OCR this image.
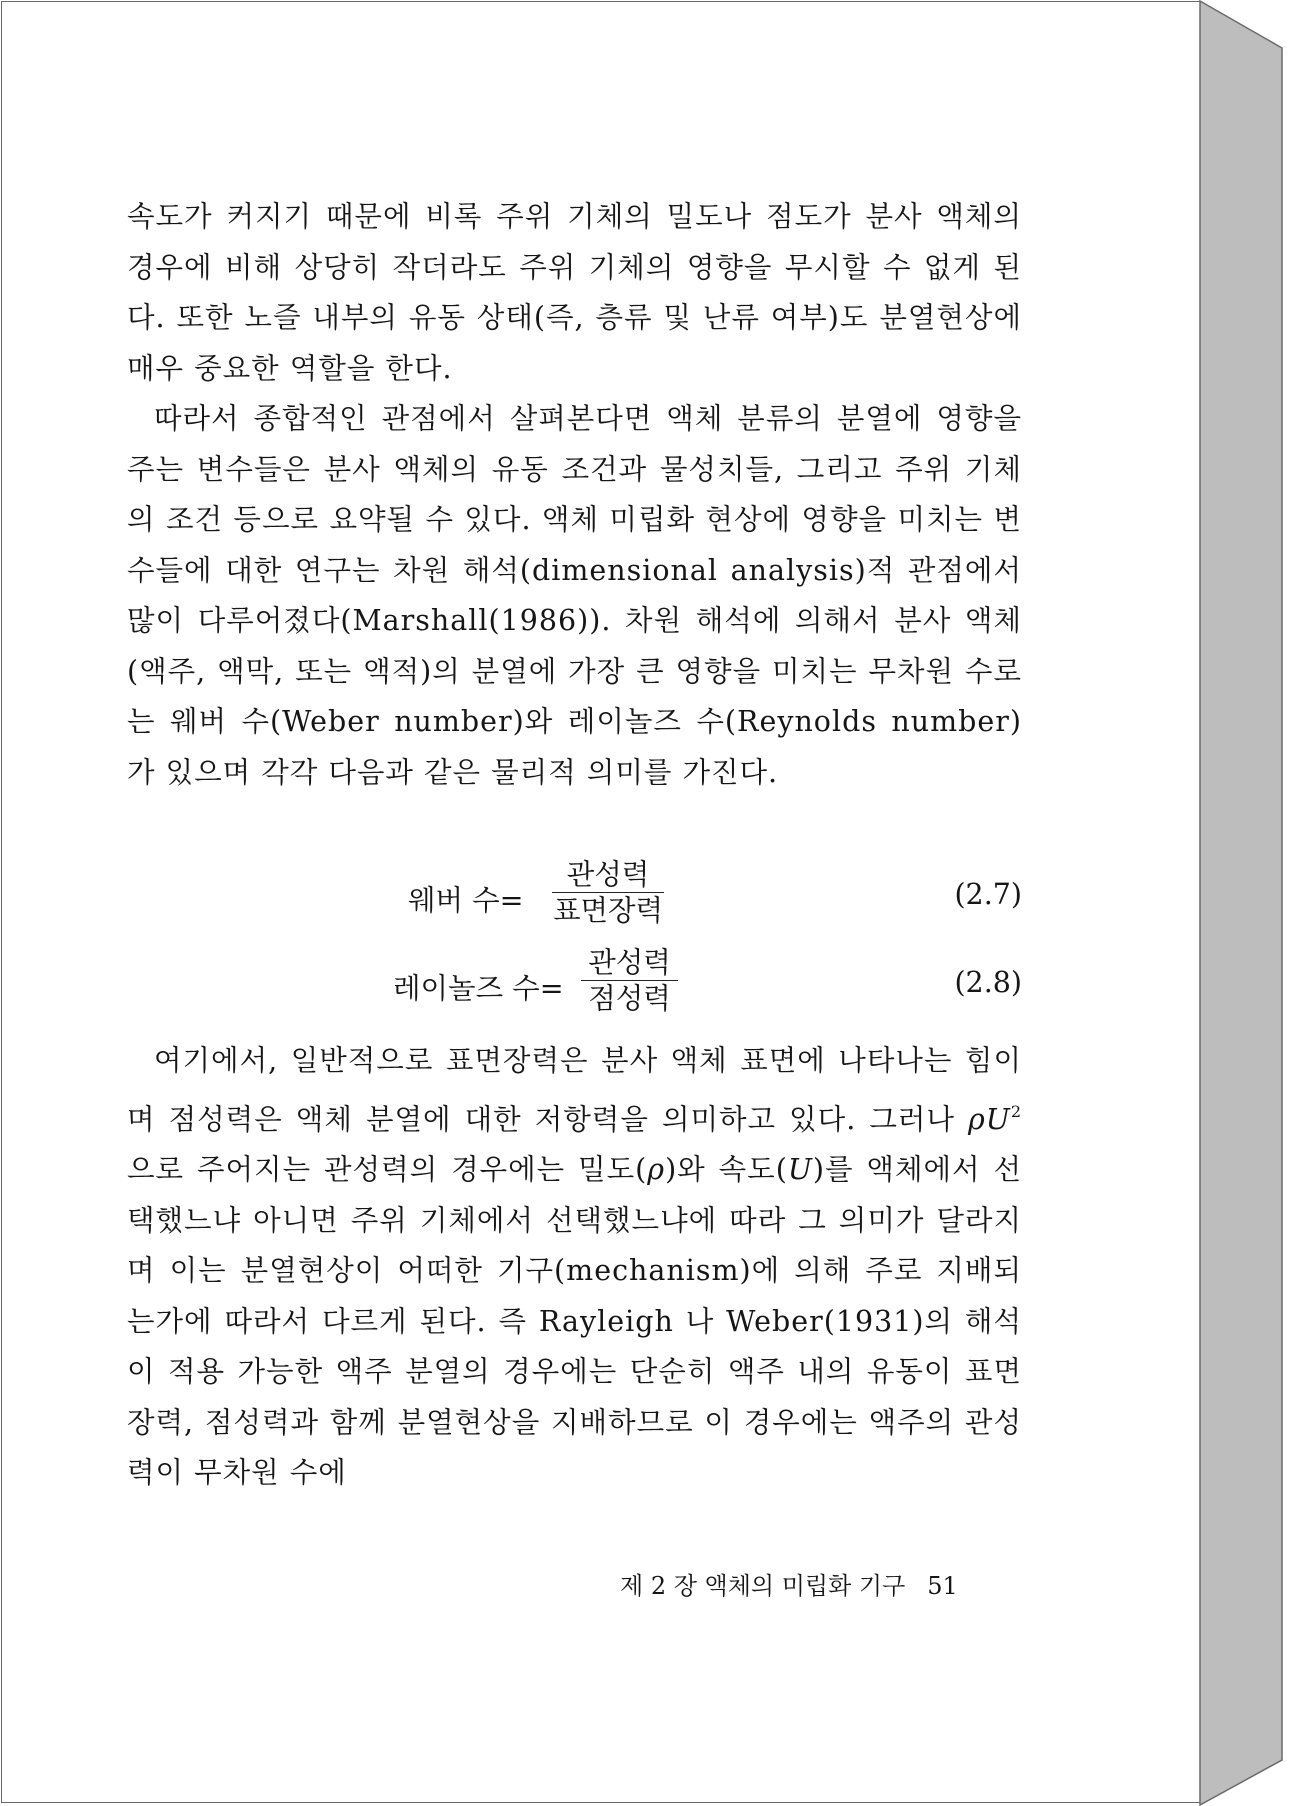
속도가 커지기 때문에 비록 주위 기체의 밀도나 점도가 분사 액체의 경우에 비해 상당히 작더라도 주위 기체의 영향을 무시할 수 없게 된다. 또한 노즐 내부의 유동 상태(즉, 층류 및 난류 여부)도 분열현상에 매우 중요한 역할을 한다.

따라서 종합적인 관점에서 살펴본다면 액체 분류의 분열에 영향을 주는 변수들은 분사 액체의 유동 조건과 물성치들, 그리고 주위 기체의 조건 등으로 요약될 수 있다. 액체 미립화 현상에 영향을 미치는 변수들에 대한 연구는 차원 해석(dimensional analysis)적 관점에서 많이 다루어졌다(Marshall(1986)). 차원 해석에 의해서 분사 액체(액주, 액막, 또는 액적)의 분열에 가장 큰 영향을 미치는 무차원 수로는 웨버 수(Weber number)와 레이놀즈 수(Reynolds number)가 있으며 각각 다음과 같은 물리적 의미를 가진다.

웨버 수=
관성력
표면장력	(2.7)
레이놀즈 수=
관성력
점성력	(2.8)

여기에서, 일반적으로 표면장력은 분사 액체 표면에 나타나는 힘이며 점성력은 액체 분열에 대한 저항력을 의미하고 있다. 그러나 $\rho U^2$ 으로 주어지는 관성력의 경우에는 밀도(ρ)와 속도(U)를 액체에서 선택했느냐 아니면 주위 기체에서 선택했느냐에 따라 그 의미가 달라지며 이는 분열현상이 어떠한 기구(mechanism)에 의해 주로 지배되는가에 따라서 다르게 된다. 즉 Rayleigh 나 Weber(1931)의 해석이 적용 가능한 액주 분열의 경우에는 단순히 액주 내의 유동이 표면장력, 점성력과 함께 분열현상을 지배하므로 이 경우에는 액주의 관성력이 무차원 수에

제 2 장 액체의 미립화 기구 51
